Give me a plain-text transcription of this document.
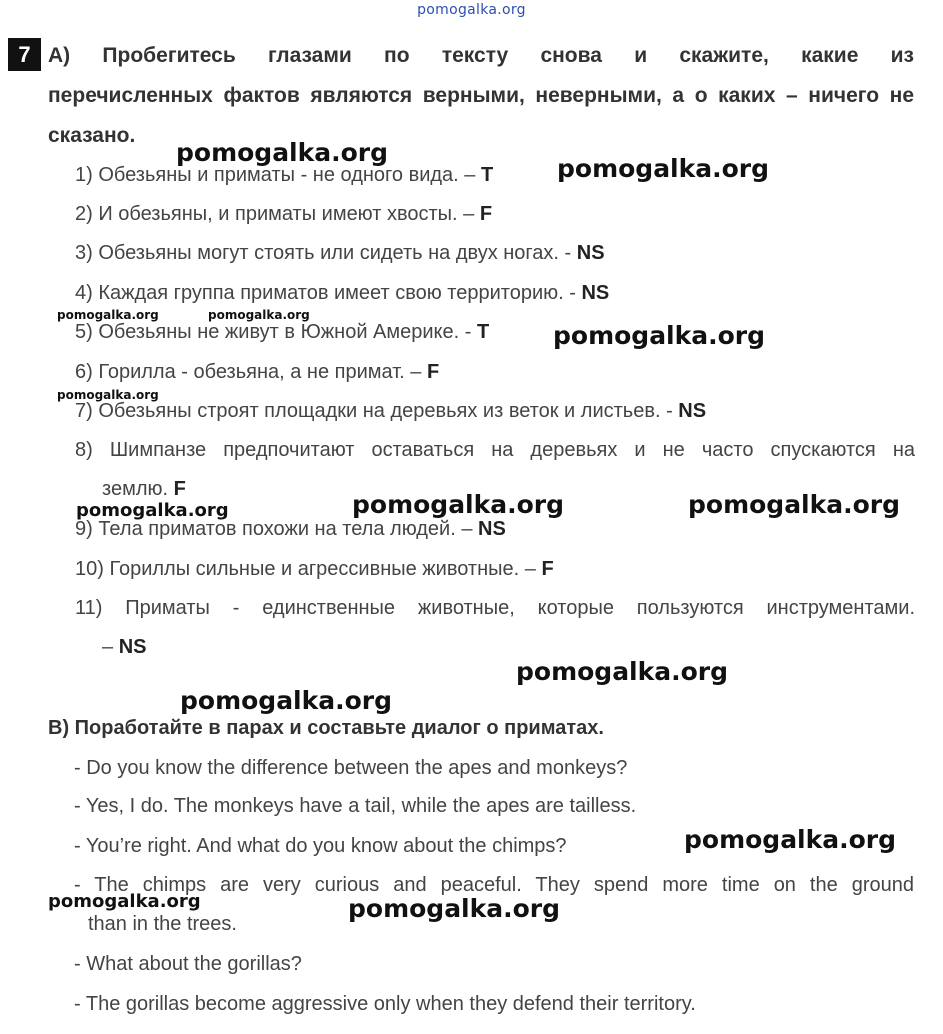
pomogalka.org
7 А) Пробегитесь глазами по тексту снова и скажите, какие из
перечисленных фактов являются верными, неверными, а о каких – ничего не сказано.

1) Обезьяны и приматы - не одного вида. – T

2) И обезьяны, и приматы имеют хвосты. – F

3) Обезьяны могут стоять или сидеть на двух ногах. - NS

4) Каждая группа приматов имеет свою территорию. - NS

5) Обезьяны не живут в Южной Америке. - T

6) Горилла - обезьяна, а не примат. – F

7) Обезьяны строят площадки на деревьях из веток и листьев. - NS

8) Шимпанзе предпочитают оставаться на деревьях и не часто спускаются на
землю. F

9) Тела приматов похожи на тела людей. – NS

10) Гориллы сильные и агрессивные животные. – F

11) Приматы - единственные животные, которые пользуются инструментами.
– NS

В) Поработайте в парах и составьте диалог о приматах.

- Do you know the difference between the apes and monkeys?

- Yes, I do. The monkeys have a tail, while the apes are tailless.

- You’re right. And what do you know about the chimps?

- The chimps are very curious and peaceful. They spend more time on the ground
than in the trees.

- What about the gorillas?

- The gorillas become aggressive only when they defend their territory.

pomogalka.org
pomogalka.org
pomogalka.org	pomogalka.org
pomogalka.org
pomogalka.org
pomogalka.org	pomogalka.org	pomogalka.org
pomogalka.org
pomogalka.org
pomogalka.org
pomogalka.org	pomogalka.org
